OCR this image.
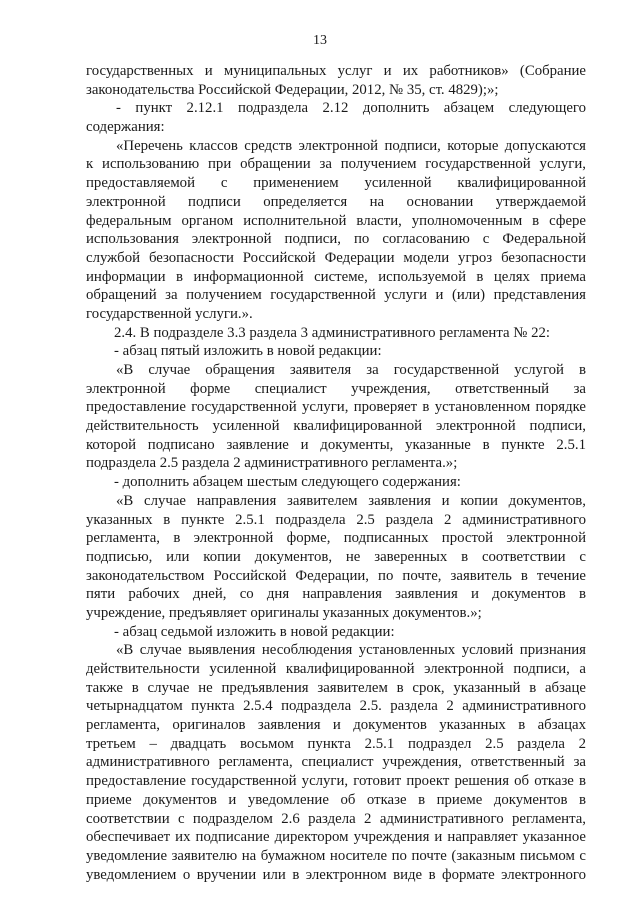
13
государственных и муниципальных услуг и их работников» (Собрание
законодательства Российской Федерации, 2012, № 35, ст. 4829);»;
- пункт 2.12.1 подраздела 2.12 дополнить абзацем следующего
содержания:
«Перечень классов средств электронной подписи, которые допускаются
к использованию при обращении за получением государственной услуги,
предоставляемой с применением усиленной квалифицированной
электронной подписи определяется на основании утверждаемой
федеральным органом исполнительной власти, уполномоченным в сфере
использования электронной подписи, по согласованию с Федеральной
службой безопасности Российской Федерации модели угроз безопасности
информации в информационной системе, используемой в целях приема
обращений за получением государственной услуги и (или) представления
государственной услуги.».
2.4. В подразделе 3.3 раздела 3 административного регламента № 22:
- абзац пятый изложить в новой редакции:
«В случае обращения заявителя за государственной услугой в
электронной форме специалист учреждения, ответственный за
предоставление государственной услуги, проверяет в установленном порядке
действительность усиленной квалифицированной электронной подписи,
которой подписано заявление и документы, указанные в пункте 2.5.1
подраздела 2.5 раздела 2 административного регламента.»;
- дополнить абзацем шестым следующего содержания:
«В случае направления заявителем заявления и копии документов,
указанных в пункте 2.5.1 подраздела 2.5 раздела 2 административного
регламента, в электронной форме, подписанных простой электронной
подписью, или копии документов, не заверенных в соответствии с
законодательством Российской Федерации, по почте, заявитель в течение
пяти рабочих дней, со дня направления заявления и документов в
учреждение, предъявляет оригиналы указанных документов.»;
- абзац седьмой изложить в новой редакции:
«В случае выявления несоблюдения установленных условий признания
действительности усиленной квалифицированной электронной подписи, а
также в случае не предъявления заявителем в срок, указанный в абзаце
четырнадцатом пункта 2.5.4 подраздела 2.5. раздела 2 административного
регламента, оригиналов заявления и документов указанных в абзацах
третьем – двадцать восьмом пункта 2.5.1 подраздел 2.5 раздела 2
административного регламента, специалист учреждения, ответственный за
предоставление государственной услуги, готовит проект решения об отказе в
приеме документов и уведомление об отказе в приеме документов в
соответствии с подразделом 2.6 раздела 2 административного регламента,
обеспечивает их подписание директором учреждения и направляет указанное
уведомление заявителю на бумажном носителе по почте (заказным письмом с
уведомлением о вручении или в электронном виде в формате электронного
